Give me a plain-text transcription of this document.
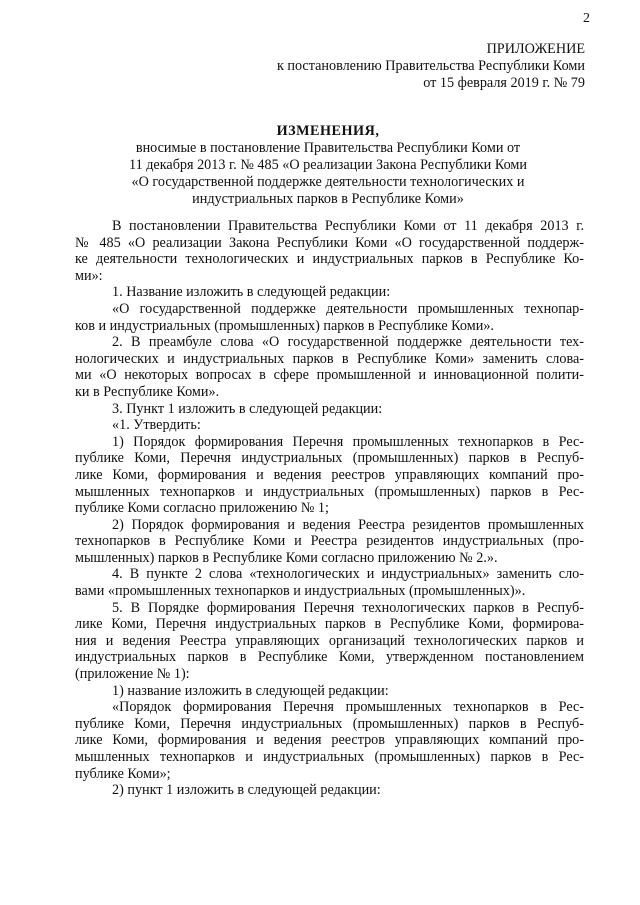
2
ПРИЛОЖЕНИЕ
к постановлению Правительства Республики Коми
от 15 февраля 2019 г. № 79
ИЗМЕНЕНИЯ,
вносимые в постановление Правительства Республики Коми от
11 декабря 2013 г. № 485 «О реализации Закона Республики Коми
«О государственной поддержке деятельности технологических и
индустриальных парков в Республике Коми»
В постановлении Правительства Республики Коми от 11 декабря 2013 г.
№ 485 «О реализации Закона Республики Коми «О государственной поддерж-
ке деятельности технологических и индустриальных парков в Республике Ко-
ми»:
1. Название изложить в следующей редакции:
«О государственной поддержке деятельности промышленных технопар-
ков и индустриальных (промышленных) парков в Республике Коми».
2. В преамбуле слова «О государственной поддержке деятельности тех-
нологических и индустриальных парков в Республике Коми» заменить слова-
ми «О некоторых вопросах в сфере промышленной и инновационной полити-
ки в Республике Коми».
3. Пункт 1 изложить в следующей редакции:
«1. Утвердить:
1) Порядок формирования Перечня промышленных технопарков в Рес-
публике Коми, Перечня индустриальных (промышленных) парков в Респуб-
лике Коми, формирования и ведения реестров управляющих компаний про-
мышленных технопарков и индустриальных (промышленных) парков в Рес-
публике Коми согласно приложению № 1;
2) Порядок формирования и ведения Реестра резидентов промышленных
технопарков в Республике Коми и Реестра резидентов индустриальных (про-
мышленных) парков в Республике Коми согласно приложению № 2.».
4. В пункте 2 слова «технологических и индустриальных» заменить сло-
вами «промышленных технопарков и индустриальных (промышленных)».
5. В Порядке формирования Перечня технологических парков в Респуб-
лике Коми, Перечня индустриальных парков в Республике Коми, формирова-
ния и ведения Реестра управляющих организаций технологических парков и
индустриальных парков в Республике Коми, утвержденном постановлением
(приложение № 1):
1) название изложить в следующей редакции:
«Порядок формирования Перечня промышленных технопарков в Рес-
публике Коми, Перечня индустриальных (промышленных) парков в Респуб-
лике Коми, формирования и ведения реестров управляющих компаний про-
мышленных технопарков и индустриальных (промышленных) парков в Рес-
публике Коми»;
2) пункт 1 изложить в следующей редакции:
